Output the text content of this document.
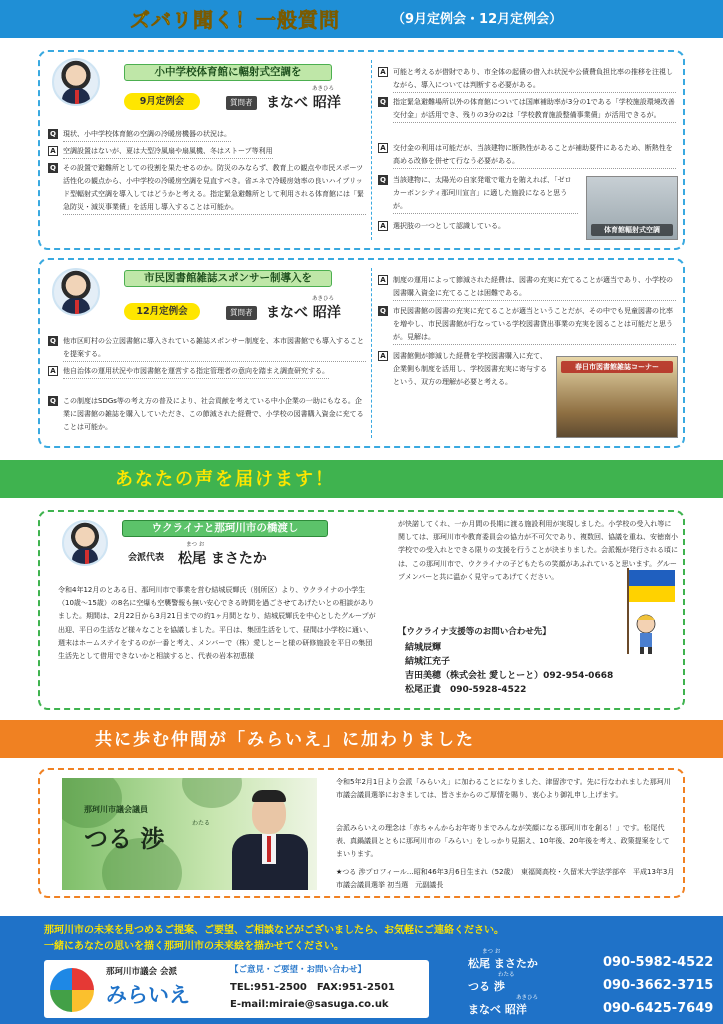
ズバリ聞く！一般質問	（9月定例会・12月定例会）
小中学校体育館に輻射式空調を
9月定例会	質問者
あきひろ
まなべ 昭洋
Q 現状、小中学校体育館の空調の冷暖房機器の状況は。
A	空調設置はないが、夏は大型冷風扇や扇風機、冬はストーブ等利用
Q その設置で避難所としての役割を果たせるのか。防災のみならず、教育上の観点や市民スポーツ活性化の観点から、小中学校の冷暖房空調を見直すべき。省エネで冷暖房効率の良いハイブリッド型輻射式空調を導入してはどうかと考える。指定緊急避難所として利用される体育館には「緊急防災・減災事業債」を活用し導入することは可能か。
A	可能と考えるが借財であり、市全体の起債の借入れ状況や公債費負担比率の推移を注視しながら、導入については判断する必要がある。
Q 指定緊急避難場所以外の体育館については国庫補助率が3分の1である「学校施設環境改善交付金」が活用でき、残りの3分の2は「学校教育施設整備事業債」が活用できるが。
A	交付金の利用は可能だが、当該建物に断熱性があることが補助要件にあるため、断熱性を高める改修を併せて行なう必要がある。
Q 当該建物に、太陽光の自家発電で電力を賄えれば、「ゼロカーボンシティ那珂川宣言」に適した施設になると思うが。
A	選択肢の一つとして認識している。	体育館輻射式空調
市民図書館雑誌スポンサー制導入を
12月定例会	質問者
あきひろ
まなべ 昭洋
Q 他市区町村の公立図書館に導入されている雑誌スポンサー制度を、本市図書館でも導入することを提案する。
A	他自治体の運用状況や市図書館を運営する指定管理者の意向を踏まえ調査研究する。
Q この制度はSDGs等の考え方の普及により、社会貢献を考えている中小企業の一助にもなる。企業に図書館の雑誌を購入していただき、この節減された経費で、小学校の図書購入資金に充てることは可能か。
A	制度の運用によって節減された経費は、図書の充実に充てることが適当であり、小学校の図書購入資金に充てることは困難である。
Q 市民図書館の図書の充実に充てることが適当ということだが、その中でも児童図書の比率を増やし、市民図書館が行なっている学校図書貸出事業の充実を図ることは可能だと思うが。見解は。
A	図書館側が節減した経費を学校図書購入に充て、企業側も制度を活用し、学校図書充実に寄与するという、双方の理解が必要と考える。
春日市図書館雑誌コーナー
あなたの声を届けます！
ウクライナと那珂川市の橋渡し
会派代表
まつ お
松尾 まさたか
令和4年12月のとある日、那珂川市で事業を営む結城辰輝氏（別所区）より、ウクライナの小学生（10歳〜15歳）の8名に空爆も空襲警報も無い安心できる時間を過ごさせてあげたいとの相談がありました。期間は、2月22日から3月21日までの約1ヶ月間となり、結城辰輝氏を中心としたグループが出迎、平日の生活など様々なことを協議しました。平日は、集団生活をして、昼間は小学校に通い、週末はホームステイをするのが一番と考え、メンバーで（株）愛しとーと様の研修施設を平日の集団生活先として借用できないかと相談すると、代表の岩本初恵様
が快諾してくれ、一か月間の長期に渡る施設利用が実現しました。小学校の受入れ等に関しては、那珂川市や教育委員会の協力が不可欠であり、複数回、協議を重ね、安徳南小学校での受入れとできる限りの支援を行うことが決まりました。会派報が発行される頃には、この那珂川市で、ウクライナの子どもたちの笑顔があふれていると思います。グループメンバーと共に温かく見守ってあげてください。
【ウクライナ支援等のお問い合わせ先】
結城辰輝
結城江充子
吉田美穂（株式会社 愛しとーと）092-954-0668
松尾正貴　090-5928-4522
共に歩む仲間が「みらいえ」に加わりました
那珂川市議会議員
わたる
つる 渉
令和5年2月1日より会派「みらいえ」に加わることになりました、津留渉です。先に行なわれました那珂川市議会議員選挙におきましては、皆さまからのご厚情を賜り、衷心より御礼申し上げます。
会派みらいえの理念は「赤ちゃんからお年寄りまでみんなが笑顔になる那珂川市を創る！」です。松尾代表、真鍋議員とともに那珂川市の「みらい」をしっかり見据え、10年後、20年後を考え、政策提案をしてまいります。
★つる 渉プロフィール…昭和46年3月6日生まれ（52歳）　東福岡高校・久留米大学法学部卒　平成13年3月市議会議員選挙 初当選　元副議長
那珂川市の未来を見つめるご提案、ご要望、ご相談などがございましたら、お気軽にご連絡ください。
一緒にあなたの思いを描く那珂川市の未来絵を描かせてください。
那珂川市議会 会派
みらいえ
【ご意見・ご要望・お問い合わせ】
TEL:951-2500　FAX:951-2501
E-mail:miraie@sasuga.co.uk
まつ お
松尾 まさたか	090-5982-4522
わたる
つる 渉	090-3662-3715
あきひろ
まなべ 昭洋	090-6425-7649
